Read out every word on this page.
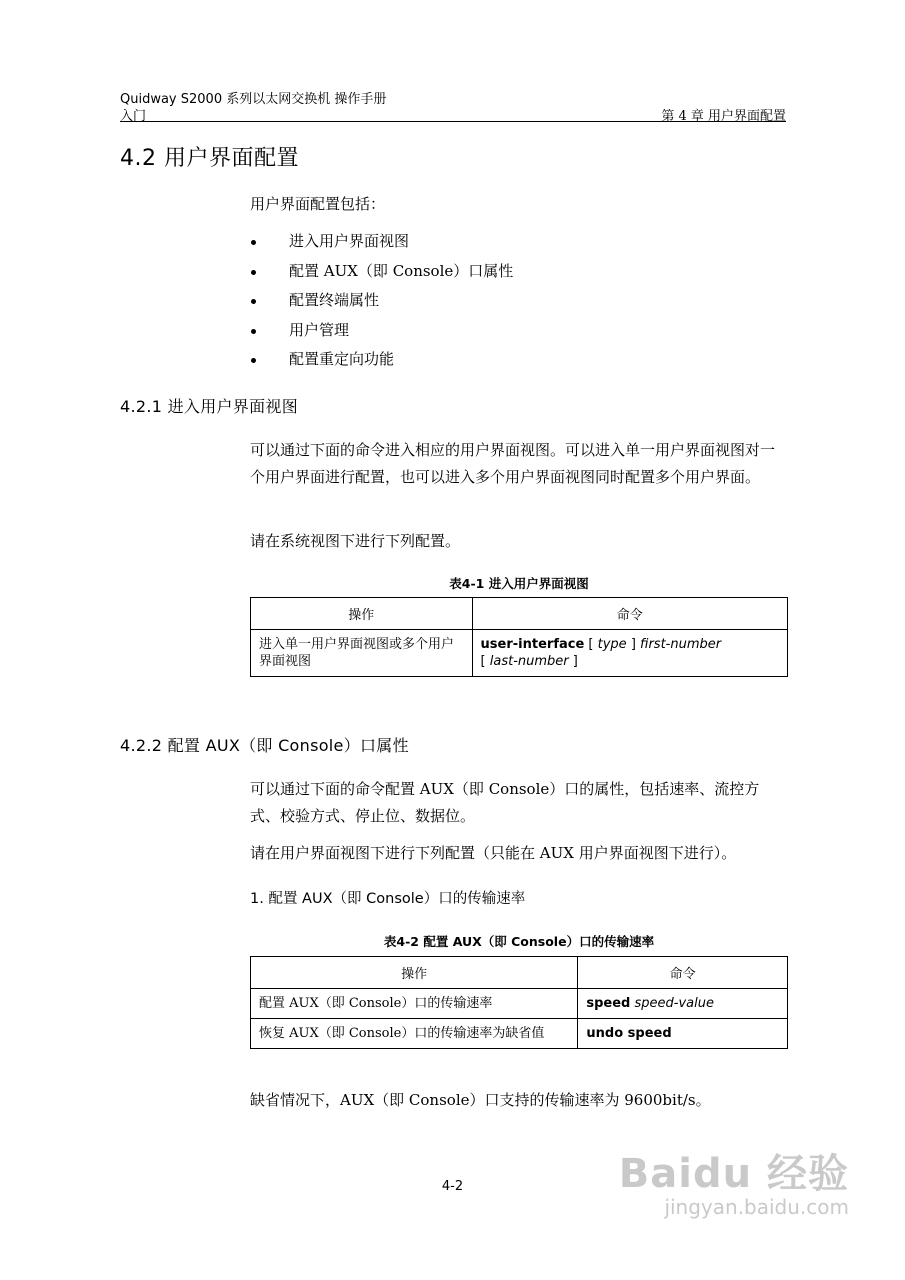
Quidway S2000 系列以太网交换机 操作手册
入门	第 4 章 用户界面配置
4.2 用户界面配置
用户界面配置包括：
进入用户界面视图
配置 AUX（即 Console）口属性
配置终端属性
用户管理
配置重定向功能
4.2.1 进入用户界面视图
可以通过下面的命令进入相应的用户界面视图。可以进入单一用户界面视图对一个用户界面进行配置，也可以进入多个用户界面视图同时配置多个用户界面。
请在系统视图下进行下列配置。
表4-1 进入用户界面视图
操作	命令
进入单一用户界面视图或多个用户界面视图	user-interface [ type ] first-number
[ last-number ]
4.2.2 配置 AUX（即 Console）口属性
可以通过下面的命令配置 AUX（即 Console）口的属性，包括速率、流控方式、校验方式、停止位、数据位。
请在用户界面视图下进行下列配置（只能在 AUX 用户界面视图下进行）。
1. 配置 AUX（即 Console）口的传输速率
表4-2 配置 AUX（即 Console）口的传输速率
操作	命令
配置 AUX（即 Console）口的传输速率	speed speed-value
恢复 AUX（即 Console）口的传输速率为缺省值	undo speed
缺省情况下，AUX（即 Console）口支持的传输速率为 9600bit/s。
4-2	Baidu 经验
jingyan.baidu.com
